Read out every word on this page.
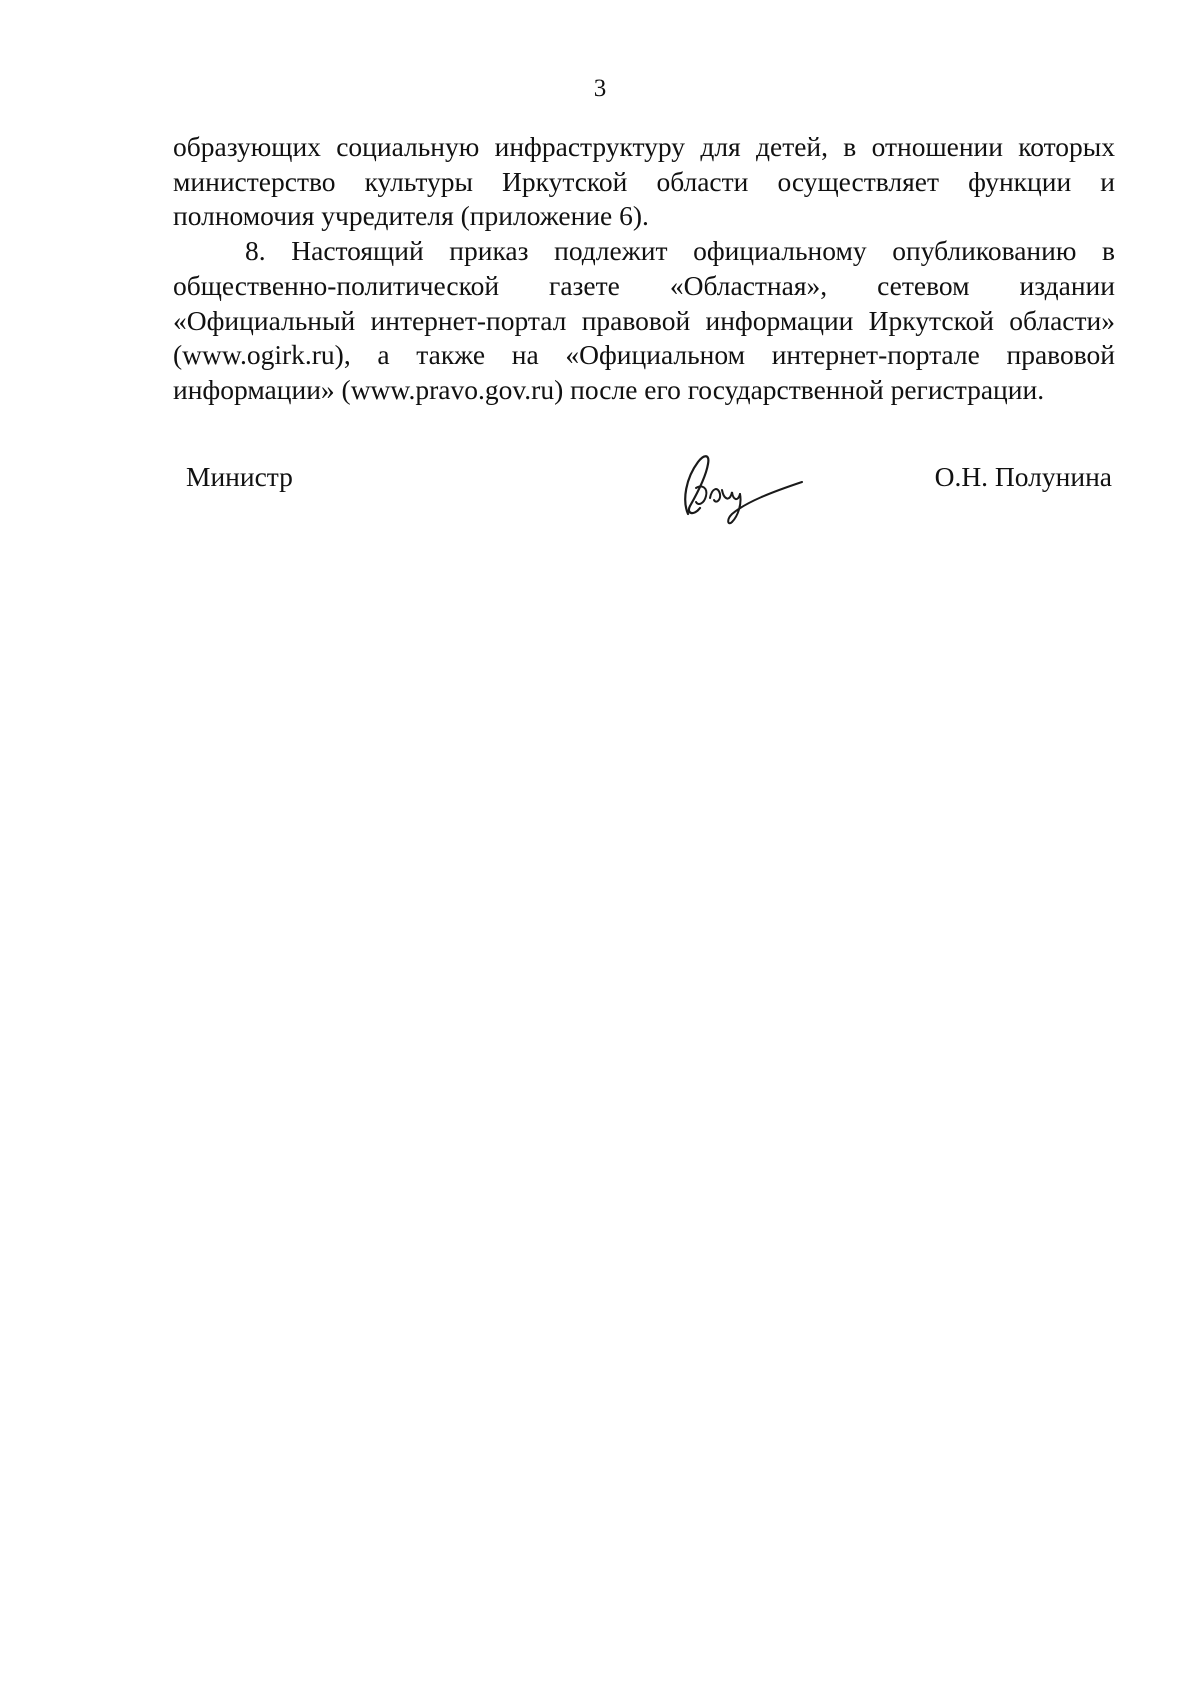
3

образующих социальную инфраструктуру для детей, в отношении которых министерство культуры Иркутской области осуществляет функции и полномочия учредителя (приложение 6).

8. Настоящий приказ подлежит официальному опубликованию в общественно-политической газете «Областная», сетевом издании «Официальный интернет-портал правовой информации Иркутской области» (www.ogirk.ru), а также на «Официальном интернет-портале правовой информации» (www.pravo.gov.ru) после его государственной регистрации.

Министр	О.Н. Полунина
